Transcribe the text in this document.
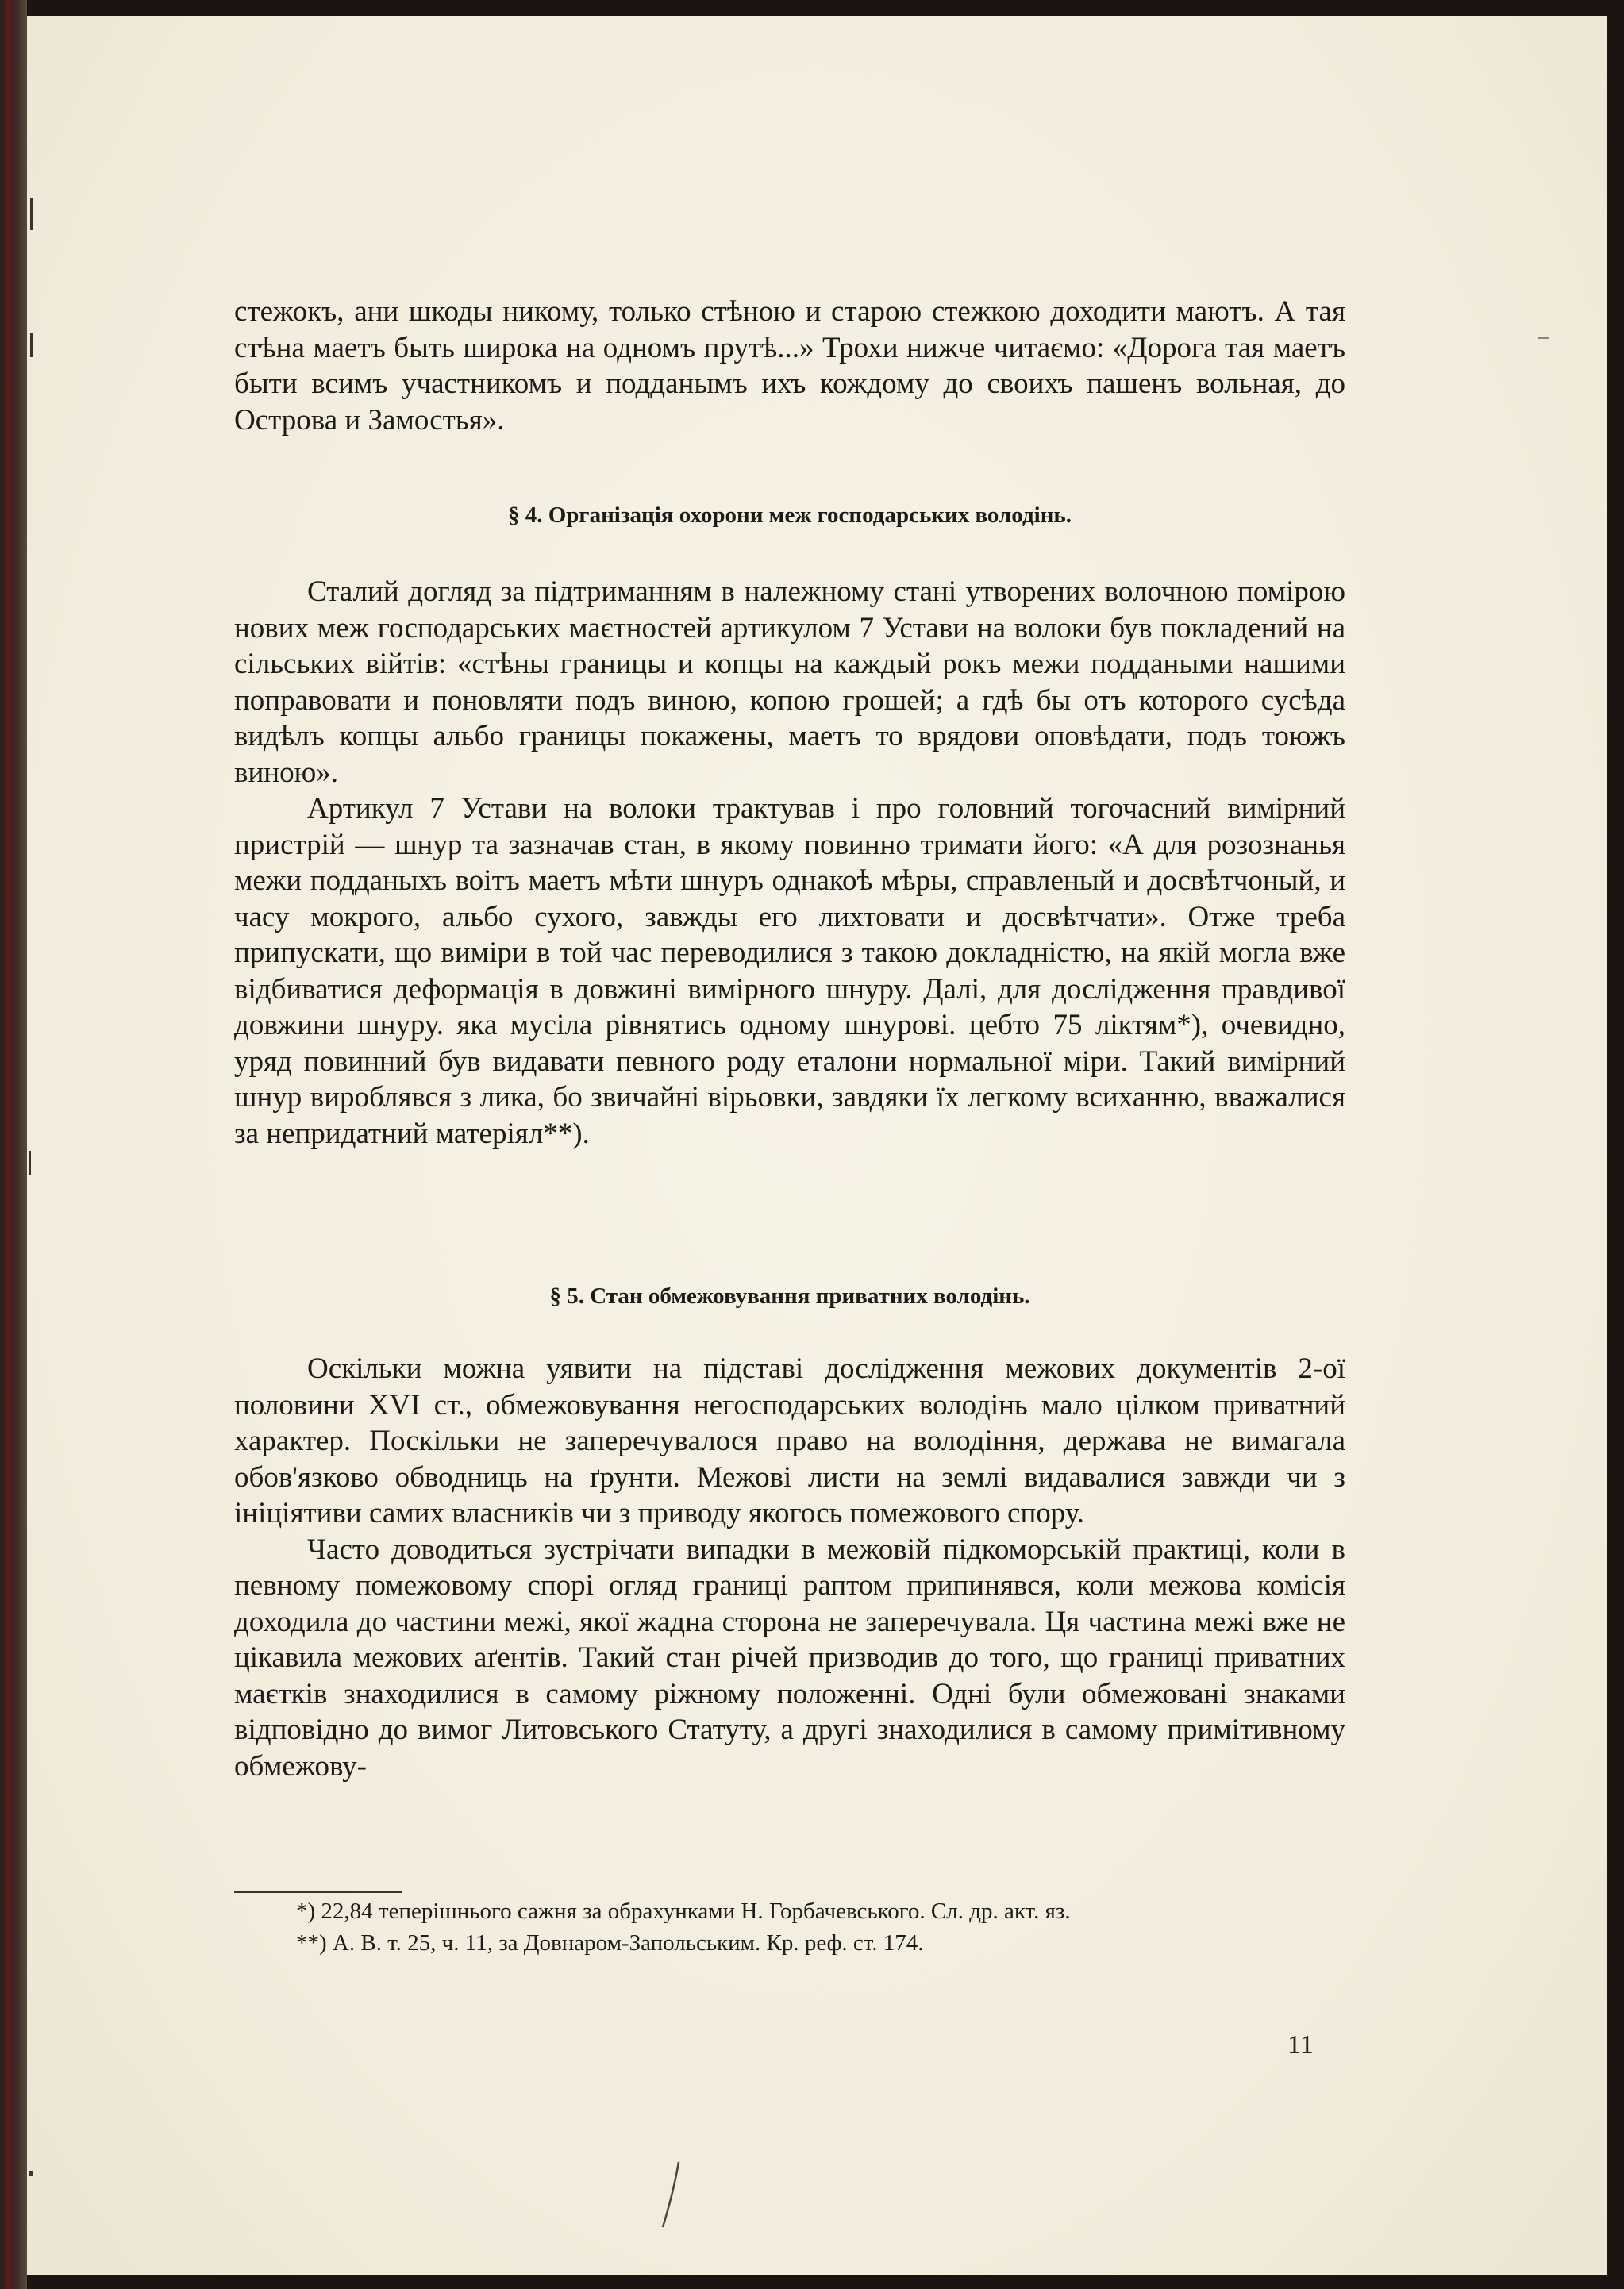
стежокъ, ани шкоды никому, только стѣною и старою стежкою доходити маютъ. А тая стѣна маетъ быть широка на одномъ прутѣ...» Трохи нижче читаємо: «Дорога тая маетъ быти всимъ участникомъ и подданымъ ихъ кождому до своихъ пашенъ вольная, до Острова и Замостья».

§ 4. Організація охорони меж господарських володінь.

Сталий догляд за підтриманням в належному стані утворених волочною помірою нових меж господарських маєтностей артикулом 7 Устави на волоки був покладений на сільських війтів: «стѣны границы и копцы на каждый рокъ межи поддаными нашими поправовати и поновляти подъ виною, копою грошей; а гдѣ бы отъ которого сусѣда видѣлъ копцы альбо границы покажены, маетъ то врядови оповѣдати, подъ тоюжъ виною».

Артикул 7 Устави на волоки трактував і про головний тогочасний вимірний пристрій — шнур та зазначав стан, в якому повинно тримати його: «А для розознанья межи подданыхъ воітъ маетъ мѣти шнуръ однакоѣ мѣры, справленый и досвѣтчоный, и часу мокрого, альбо сухого, завжды его лихтовати и досвѣтчати». Отже треба припускати, що виміри в той час переводилися з такою докладністю, на якій могла вже відбиватися деформація в довжині вимірного шнуру. Далі, для дослідження правдивої довжини шнуру. яка мусіла рівнятись одному шнурові. цебто 75 ліктям*), очевидно, уряд повинний був видавати певного роду еталони нормальної міри. Такий вимірний шнур вироблявся з лика, бо звичайні вірьовки, завдяки їх легкому всиханню, вважалися за непридатний матеріял**).

§ 5. Стан обмежовування приватних володінь.

Оскільки можна уявити на підставі дослідження межових документів 2-ої половини XVI ст., обмежовування негосподарських володінь мало цілком приватний характер. Поскільки не заперечувалося право на володіння, держава не вимагала обов'язково обводниць на ґрунти. Межові листи на землі видавалися завжди чи з ініціятиви самих власників чи з приводу якогось помежового спору.

Часто доводиться зустрічати випадки в межовій підкоморській практиці, коли в певному помежовому спорі огляд границі раптом припинявся, коли межова комісія доходила до частини межі, якої жадна сторона не заперечувала. Ця частина межі вже не цікавила межових аґентів. Такий стан річей призводив до того, що границі приватних маєтків знаходилися в самому ріжному положенні. Одні були обмежовані знаками відповідно до вимог Литовського Статуту, а другі знаходилися в самому примітивному обмежову-

*) 22,84 теперішнього сажня за обрахунками Н. Горбачевського. Сл. др. акт. яз.

**) А. В. т. 25, ч. 11, за Довнаром-Запольським. Кр. реф. ст. 174.

11
